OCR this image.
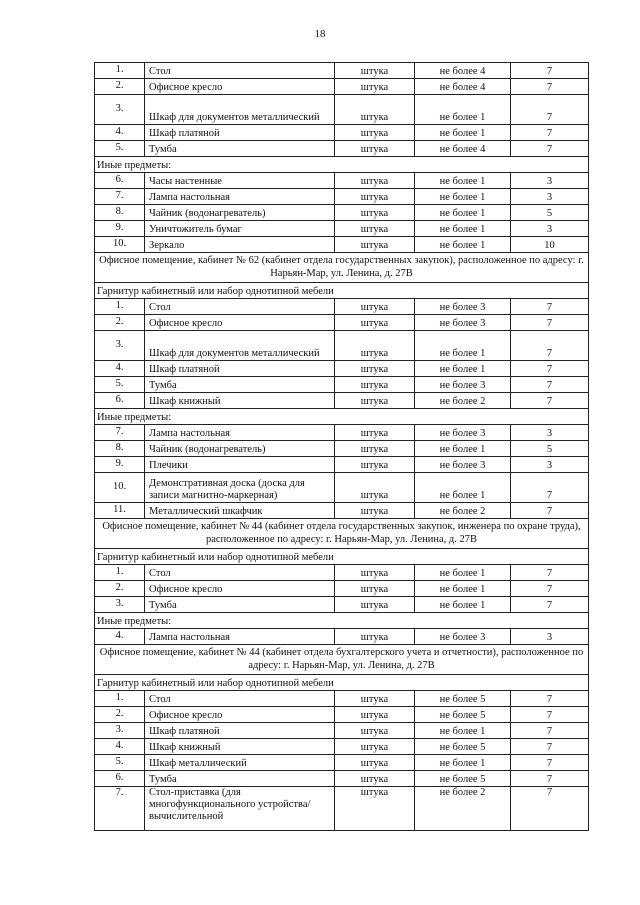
18
1.	Стол	штука	не более 4	7
2.	Офисное кресло	штука	не более 4	7
3.	Шкаф для документов металлический	штука	не более 1	7
4.	Шкаф платяной	штука	не более 1	7
5.	Тумба	штука	не более 4	7
Иные предметы:				
6.	Часы настенные	штука	не более 1	3
7.	Лампа настольная	штука	не более 1	3
8.	Чайник (водонагреватель)	штука	не более 1	5
9.	Уничтожитель бумаг	штука	не более 1	3
10.	Зеркало	штука	не более 1	10
Офисное помещение, кабинет № 62 (кабинет отдела государственных закупок), расположенное по адресу: г. Нарьян-Мар, ул. Ленина, д. 27В				
Гарнитур кабинетный или набор однотипной мебели				
1.	Стол	штука	не более 3	7
2.	Офисное кресло	штука	не более 3	7
3.	Шкаф для документов металлический	штука	не более 1	7
4.	Шкаф платяной	штука	не более 1	7
5.	Тумба	штука	не более 3	7
6.	Шкаф книжный	штука	не более 2	7
Иные предметы:				
7.	Лампа настольная	штука	не более 3	3
8.	Чайник (водонагреватель)	штука	не более 1	5
9.	Плечики	штука	не более 3	3
10.	Демонстративная доска (доска для записи магнитно-маркерная)	штука	не более 1	7
11.	Металлический шкафчик	штука	не более 2	7
Офисное помещение, кабинет № 44 (кабинет отдела государственных закупок, инженера по охране труда), расположенное по адресу: г. Нарьян-Мар, ул. Ленина, д. 27В				
Гарнитур кабинетный или набор однотипной мебели				
1.	Стол	штука	не более 1	7
2.	Офисное кресло	штука	не более 1	7
3.	Тумба	штука	не более 1	7
Иные предметы:				
4.	Лампа настольная	штука	не более 3	3
Офисное помещение, кабинет № 44 (кабинет отдела бухгалтерского учета и отчетности), расположенное по адресу: г. Нарьян-Мар, ул. Ленина, д. 27В				
Гарнитур кабинетный или набор однотипной мебели				
1.	Стол	штука	не более 5	7
2.	Офисное кресло	штука	не более 5	7
3.	Шкаф платяной	штука	не более 1	7
4.	Шкаф книжный	штука	не более 5	7
5.	Шкаф металлический	штука	не более 1	7
6.	Тумба	штука	не более 5	7
7.	Стол-приставка (для многофункционального устройства/вычислительной	штука	не более 2	7
